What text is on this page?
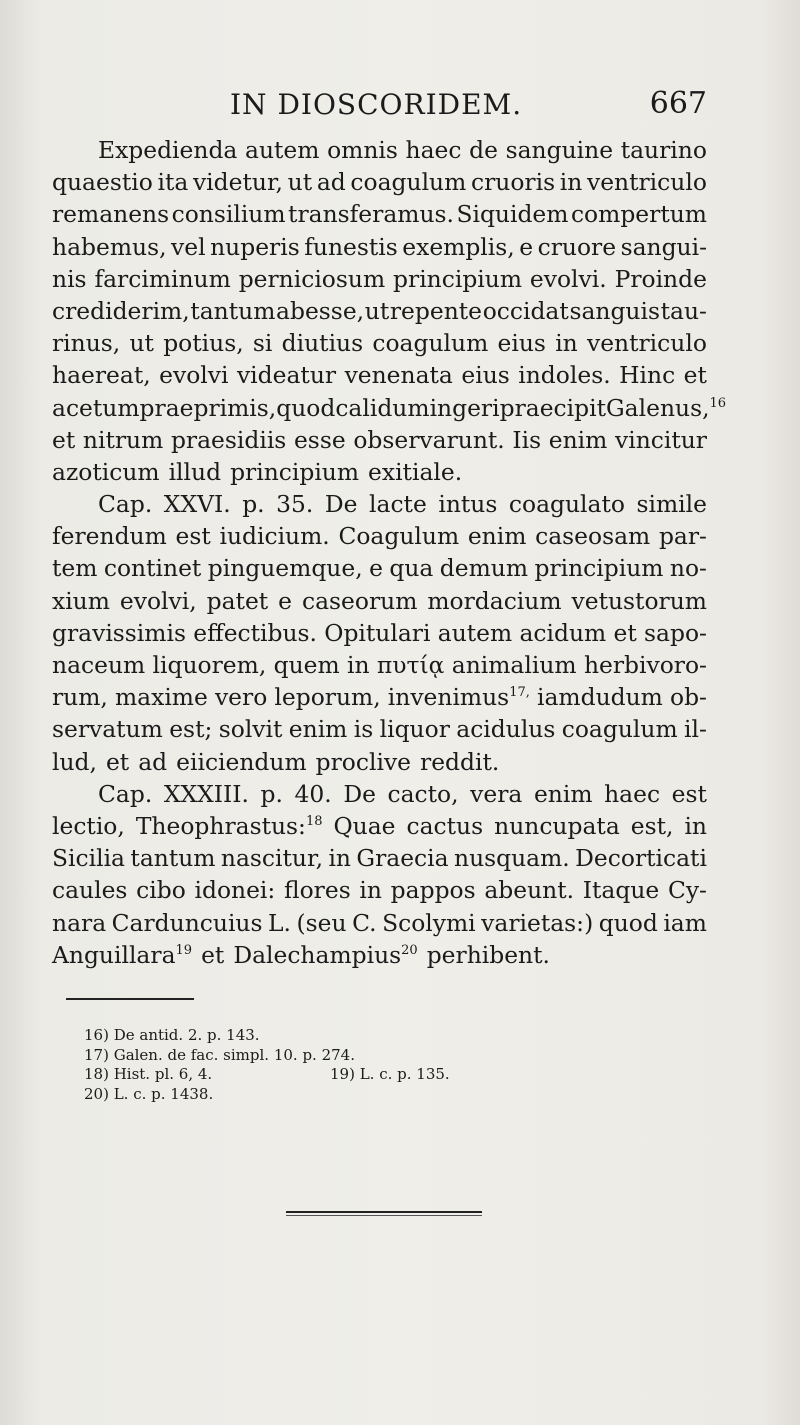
IN DIOSCORIDEM.	667
Expedienda autem omnis haec de sanguine taurino
quaestio ita videtur, ut ad coagulum cruoris in ventriculo
remanens consilium transferamus. Siquidem compertum
habemus, vel nuperis funestis exemplis, e cruore sangui-
nis farciminum perniciosum principium evolvi. Proinde
crediderim, tantum abesse, ut repente occidat sanguis tau-
rinus, ut potius, si diutius coagulum eius in ventriculo
haereat, evolvi videatur venenata eius indoles. Hinc et
acetum praeprimis, quod calidum ingeri praecipit Galenus,$^{16}$
et nitrum praesidiis esse observarunt. Iis enim vincitur
azoticum illud principium exitiale.
Cap. XXVI. p. 35. De lacte intus coagulato simile
ferendum est iudicium. Coagulum enim caseosam par-
tem continet pinguemque, e qua demum principium no-
xium evolvi, patet e caseorum mordacium vetustorum
gravissimis effectibus. Opitulari autem acidum et sapo-
naceum liquorem, quem in πυτίᾳ animalium herbivoro-
rum, maxime vero leporum, invenimus$^{17,}$ iamdudum ob-
servatum est; solvit enim is liquor acidulus coagulum il-
lud, et ad eiiciendum proclive reddit.
Cap. XXXIII. p. 40. De cacto, vera enim haec est
lectio, Theophrastus:$^{18}$ Quae cactus nuncupata est, in
Sicilia tantum nascitur, in Graecia nusquam. Decorticati
caules cibo idonei: flores in pappos abeunt. Itaque Cy-
nara Carduncuius L. (seu C. Scolymi varietas:) quod iam
Anguillara$^{19}$ et Dalechampius$^{20}$ perhibent.
16) De antid. 2. p. 143.
17) Galen. de fac. simpl. 10. p. 274.
18) Hist. pl. 6, 4.	19) L. c. p. 135.
20) L. c. p. 1438.
